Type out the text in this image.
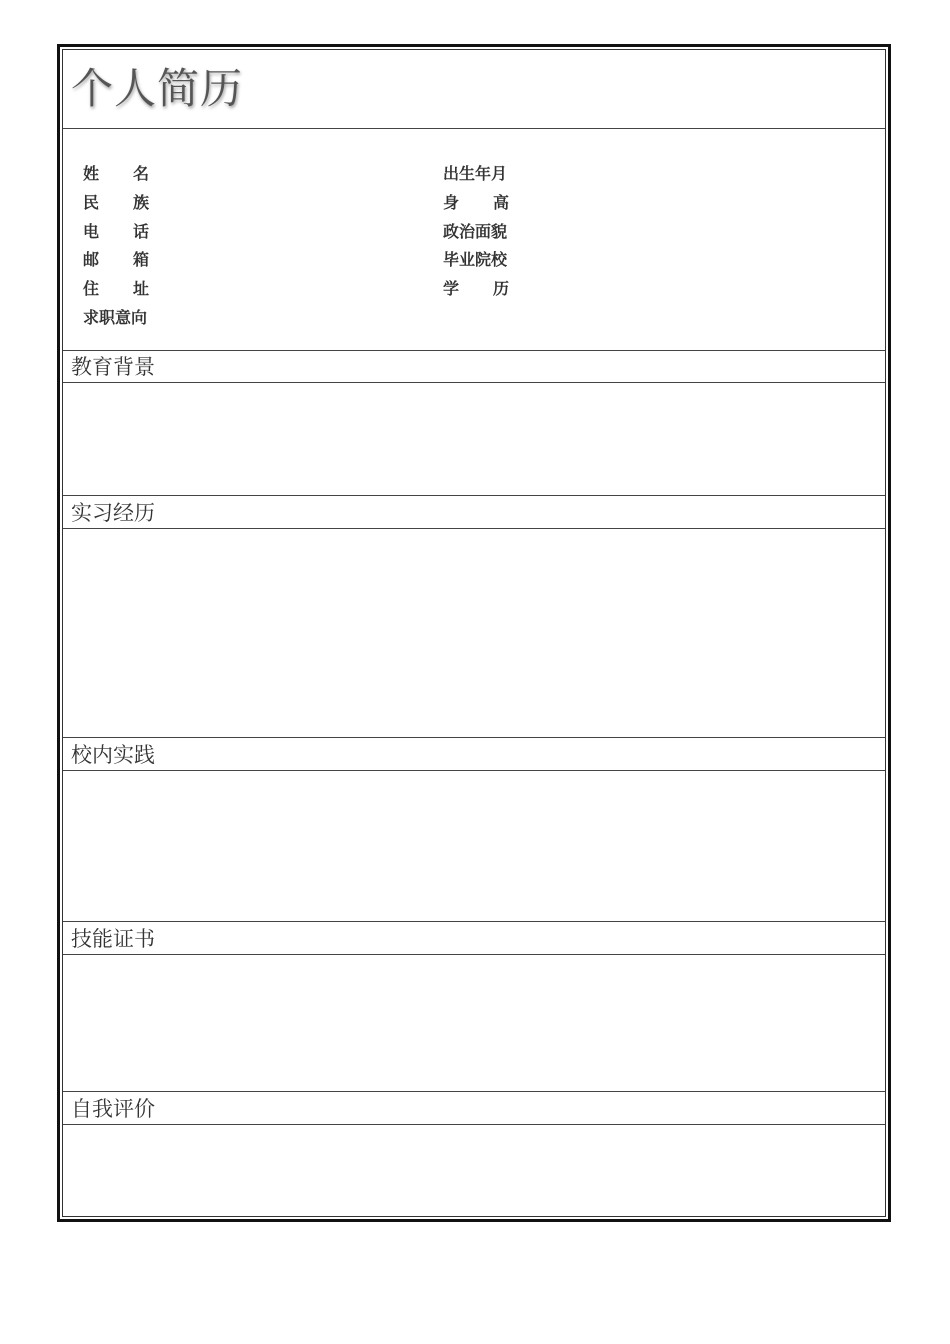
个人简历
姓 名
民 族
电 话
邮 箱
住 址
求职意向
出生年月
身 高
政治面貌
毕业院校
学 历
教育背景
实习经历
校内实践
技能证书
自我评价
